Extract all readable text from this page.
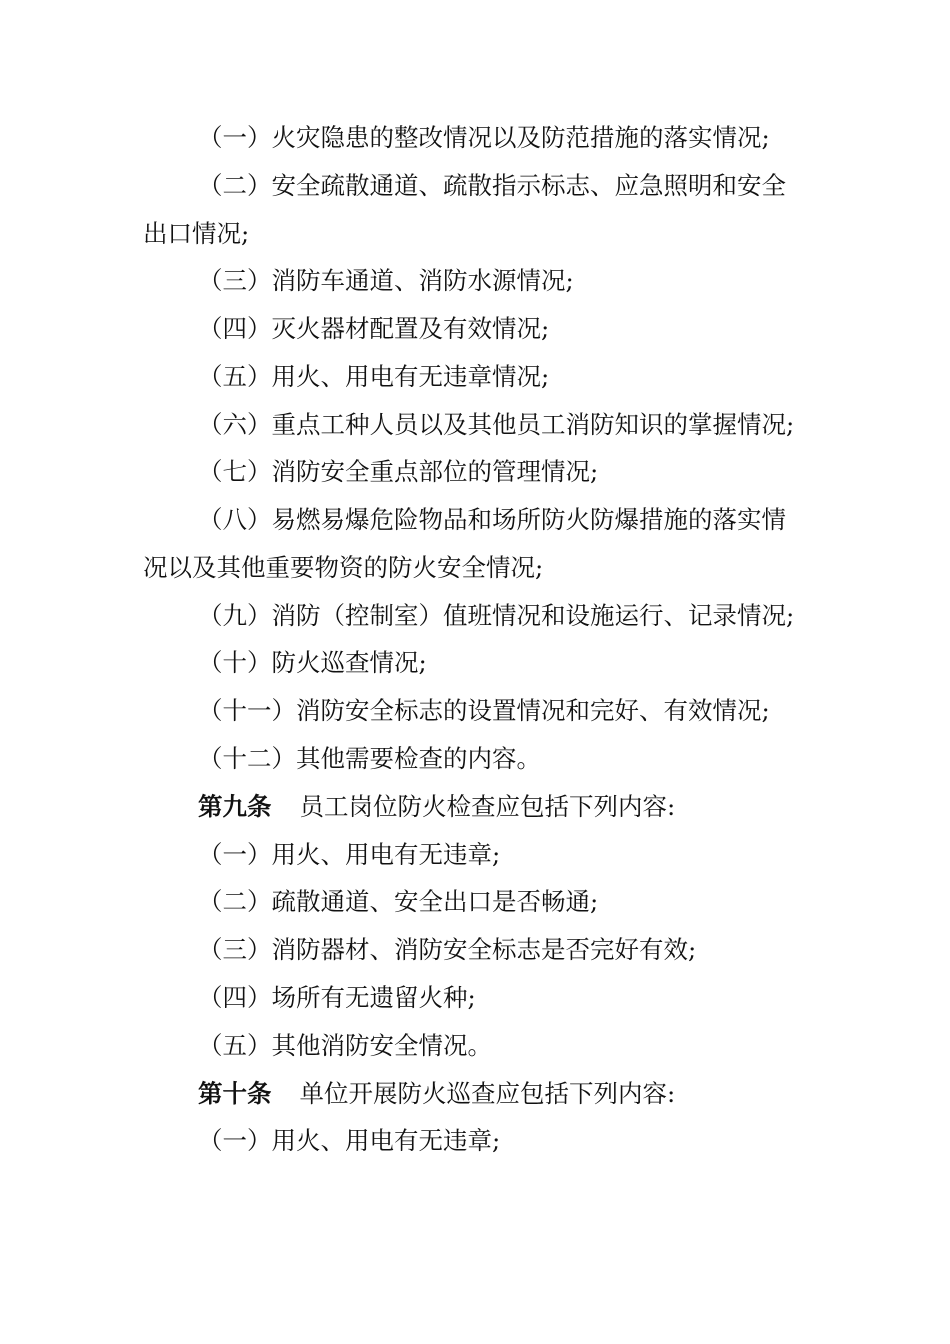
（一）火灾隐患的整改情况以及防范措施的落实情况;
（二）安全疏散通道、疏散指示标志、应急照明和安全
出口情况;
（三）消防车通道、消防水源情况;
（四）灭火器材配置及有效情况;
（五）用火、用电有无违章情况;
（六）重点工种人员以及其他员工消防知识的掌握情况;
（七）消防安全重点部位的管理情况;
（八）易燃易爆危险物品和场所防火防爆措施的落实情
况以及其他重要物资的防火安全情况;
（九）消防（控制室）值班情况和设施运行、记录情况;
（十）防火巡查情况;
（十一）消防安全标志的设置情况和完好、有效情况;
（十二）其他需要检查的内容。
第九条 员工岗位防火检查应包括下列内容:
（一）用火、用电有无违章;
（二）疏散通道、安全出口是否畅通;
（三）消防器材、消防安全标志是否完好有效;
（四）场所有无遗留火种;
（五）其他消防安全情况。
第十条 单位开展防火巡查应包括下列内容:
（一）用火、用电有无违章;
